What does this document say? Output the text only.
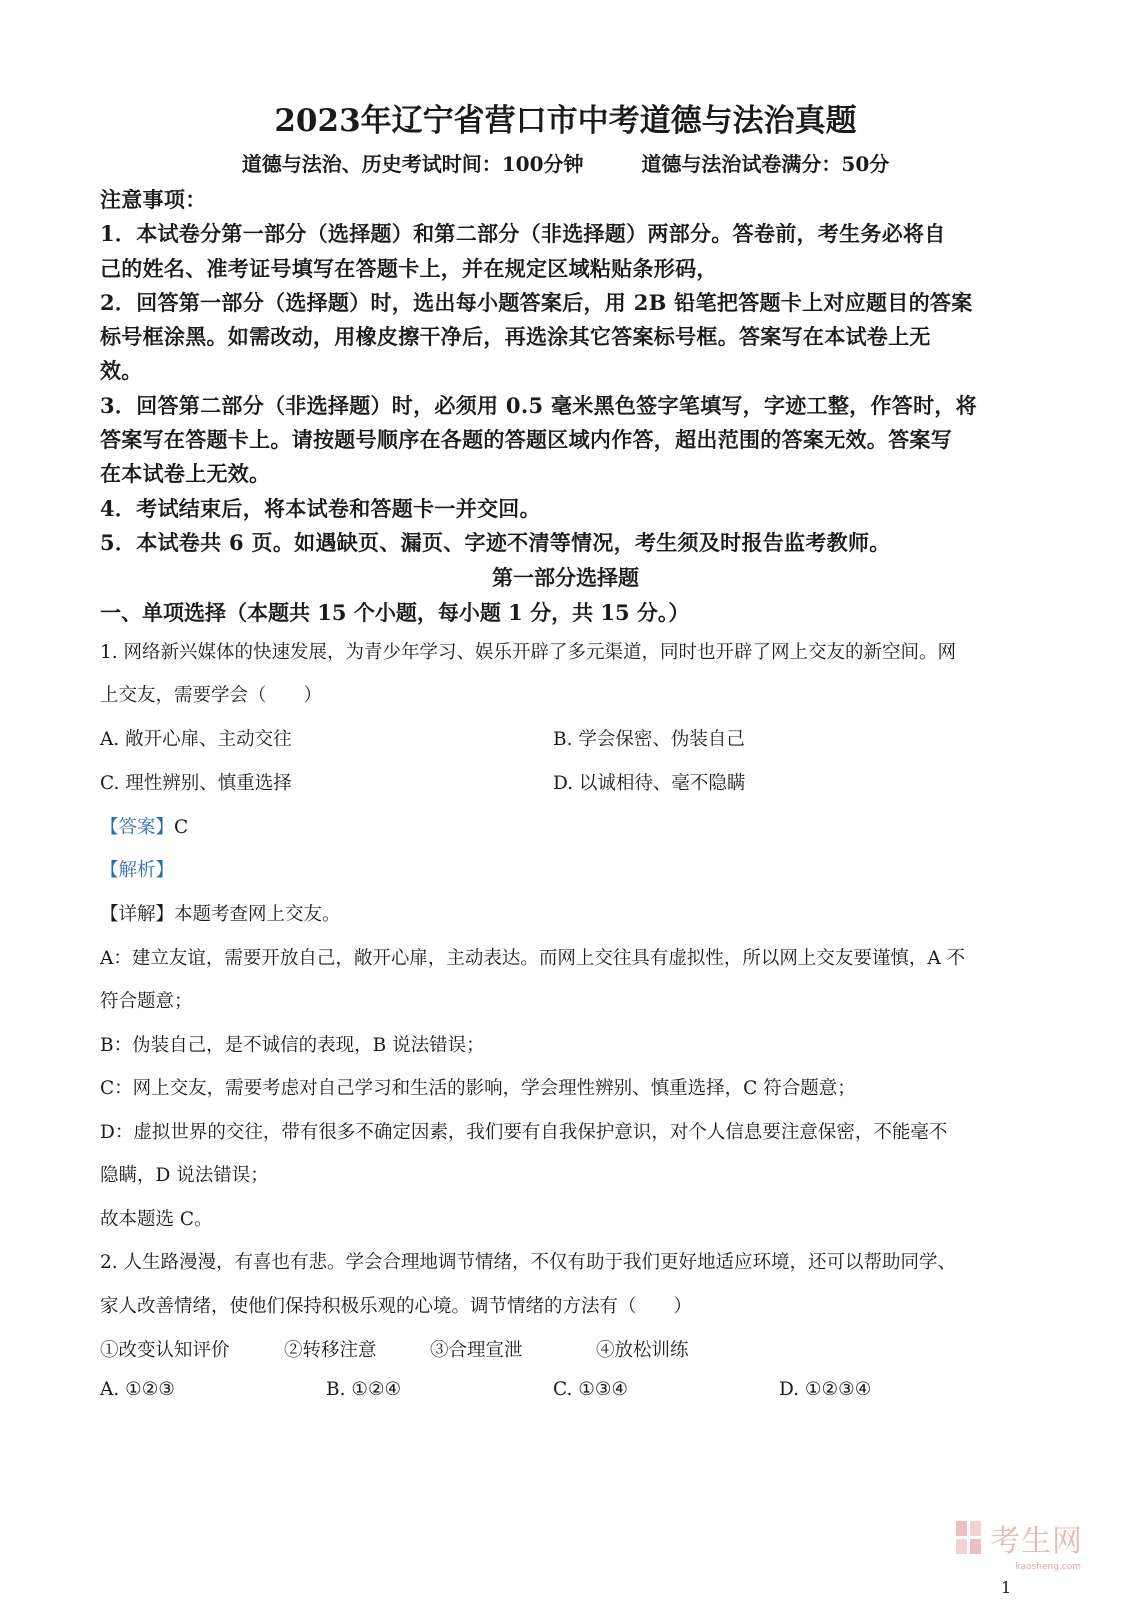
2023年辽宁省营口市中考道德与法治真题
道德与法治、历史考试时间：100分钟	道德与法治试卷满分：50分
注意事项：
1．本试卷分第一部分（选择题）和第二部分（非选择题）两部分。答卷前，考生务必将自
己的姓名、准考证号填写在答题卡上，并在规定区域粘贴条形码，
2．回答第一部分（选择题）时，选出每小题答案后，用 2B 铅笔把答题卡上对应题目的答案
标号框涂黑。如需改动，用橡皮擦干净后，再选涂其它答案标号框。答案写在本试卷上无
效。
3．回答第二部分（非选择题）时，必须用 0.5 毫米黑色签字笔填写，字迹工整，作答时，将
答案写在答题卡上。请按题号顺序在各题的答题区域内作答，超出范围的答案无效。答案写
在本试卷上无效。
4．考试结束后，将本试卷和答题卡一并交回。
5．本试卷共 6 页。如遇缺页、漏页、字迹不清等情况，考生须及时报告监考教师。
第一部分选择题
一、单项选择（本题共 15 个小题，每小题 1 分，共 15 分。）
1. 网络新兴媒体的快速发展，为青少年学习、娱乐开辟了多元渠道，同时也开辟了网上交友的新空间。网
上交友，需要学会（　　）
A. 敞开心扉、主动交往	B. 学会保密、伪装自己
C. 理性辨别、慎重选择	D. 以诚相待、毫不隐瞒
【答案】C
【解析】
【详解】本题考查网上交友。
A：建立友谊，需要开放自己，敞开心扉，主动表达。而网上交往具有虚拟性，所以网上交友要谨慎，A 不
符合题意；
B：伪装自己，是不诚信的表现，B 说法错误；
C：网上交友，需要考虑对自己学习和生活的影响，学会理性辨别、慎重选择，C 符合题意；
D：虚拟世界的交往，带有很多不确定因素，我们要有自我保护意识，对个人信息要注意保密，不能毫不
隐瞒，D 说法错误；
故本题选 C。
2. 人生路漫漫，有喜也有悲。学会合理地调节情绪，不仅有助于我们更好地适应环境，还可以帮助同学、
家人改善情绪，使他们保持积极乐观的心境。调节情绪的方法有（　　）
①改变认知评价	②转移注意	③合理宣泄	④放松训练
A. ①②③	B. ①②④	C. ①③④	D. ①②③④
考生网
kaosheng.com
1
